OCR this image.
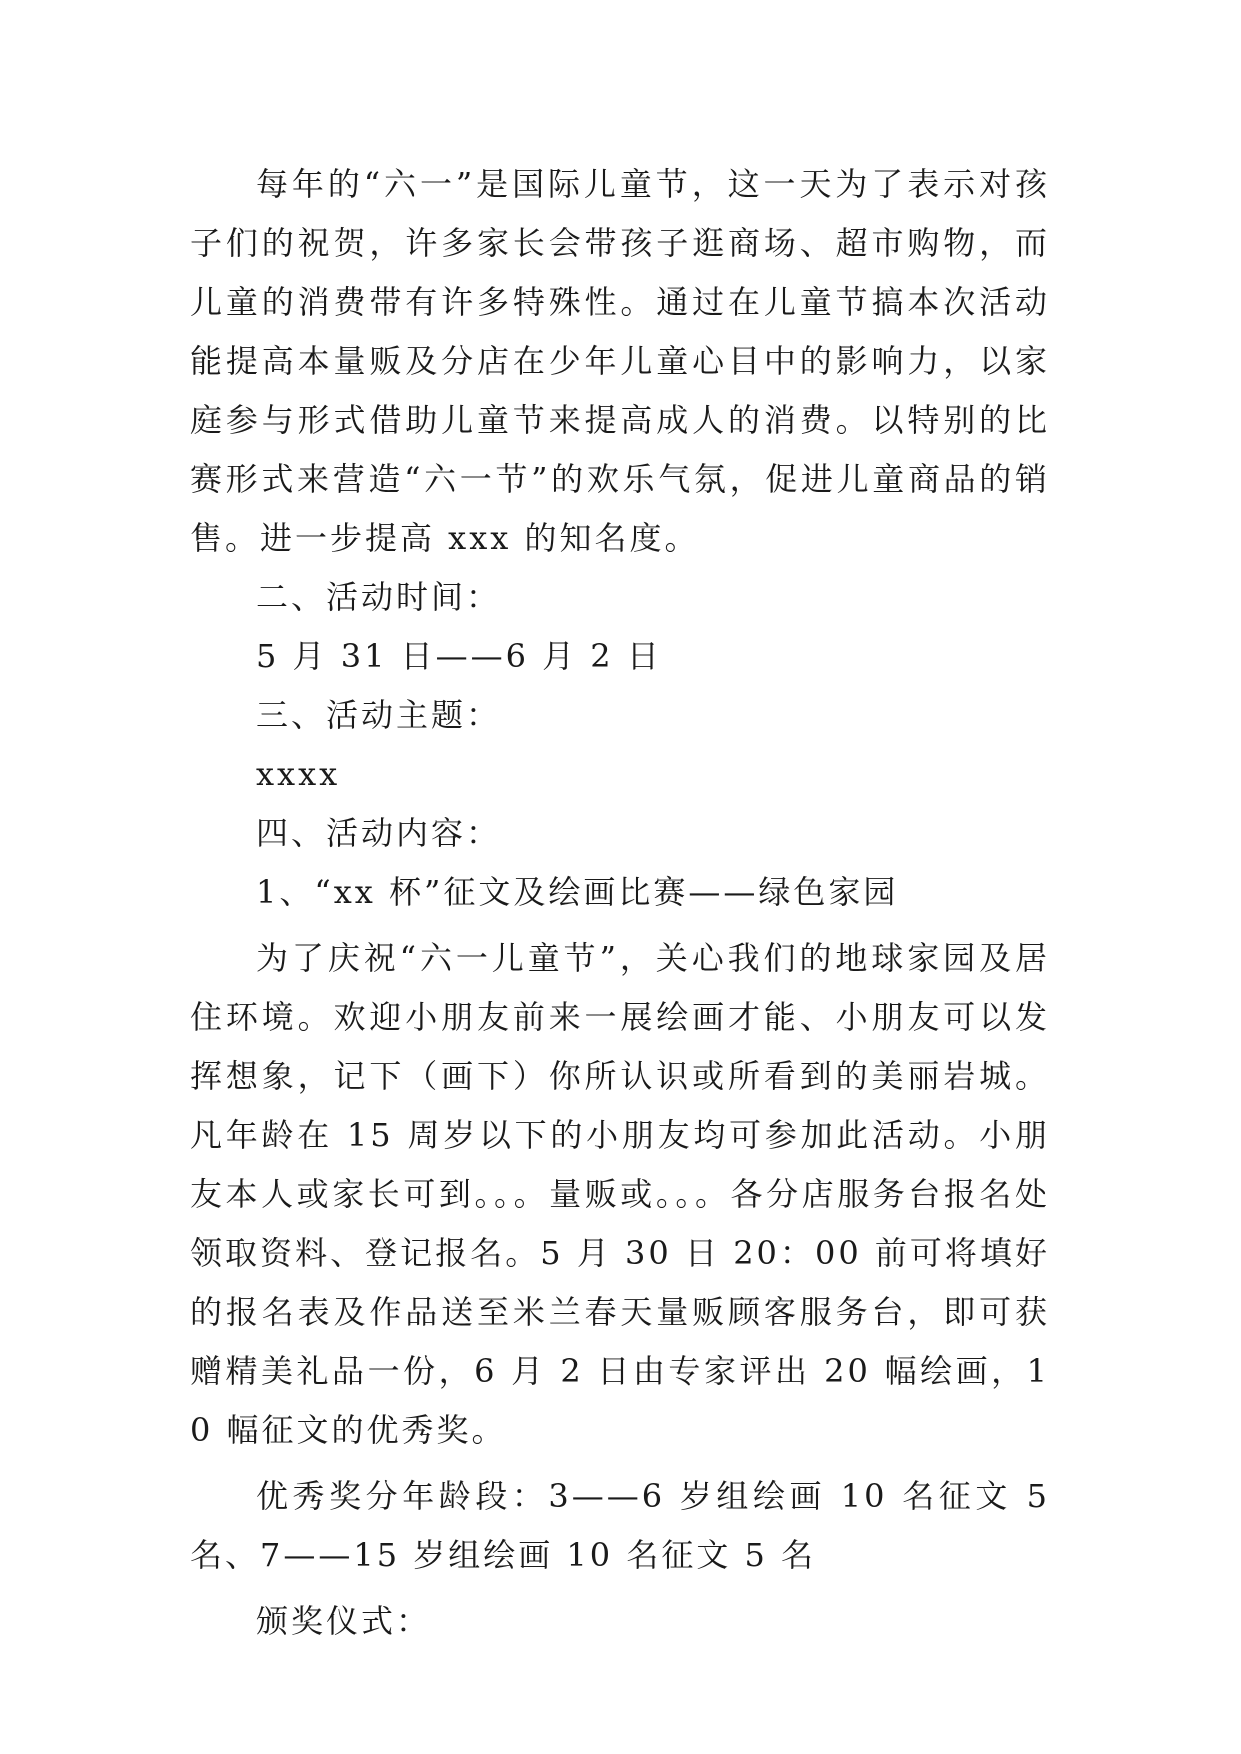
每年的“六一”是国际儿童节，这一天为了表示对孩子们的祝贺，许多家长会带孩子逛商场、超市购物，而儿童的消费带有许多特殊性。通过在儿童节搞本次活动能提高本量贩及分店在少年儿童心目中的影响力，以家庭参与形式借助儿童节来提高成人的消费。以特别的比赛形式来营造“六一节”的欢乐气氛，促进儿童商品的销售。进一步提高 xxx 的知名度。

二、活动时间：

5 月 31 日——6 月 2 日

三、活动主题：

xxxx

四、活动内容：

1、“xx 杯”征文及绘画比赛——绿色家园

为了庆祝“六一儿童节”，关心我们的地球家园及居住环境。欢迎小朋友前来一展绘画才能、小朋友可以发挥想象，记下（画下）你所认识或所看到的美丽岩城。凡年龄在 15 周岁以下的小朋友均可参加此活动。小朋友本人或家长可到。。。量贩或。。。各分店服务台报名处领取资料、登记报名。5 月 30 日 20：00 前可将填好的报名表及作品送至米兰春天量贩顾客服务台，即可获赠精美礼品一份，6 月 2 日由专家评出 20 幅绘画，10 幅征文的优秀奖。

优秀奖分年龄段：3——6 岁组绘画 10 名征文 5 名、7——15 岁组绘画 10 名征文 5 名

颁奖仪式：
